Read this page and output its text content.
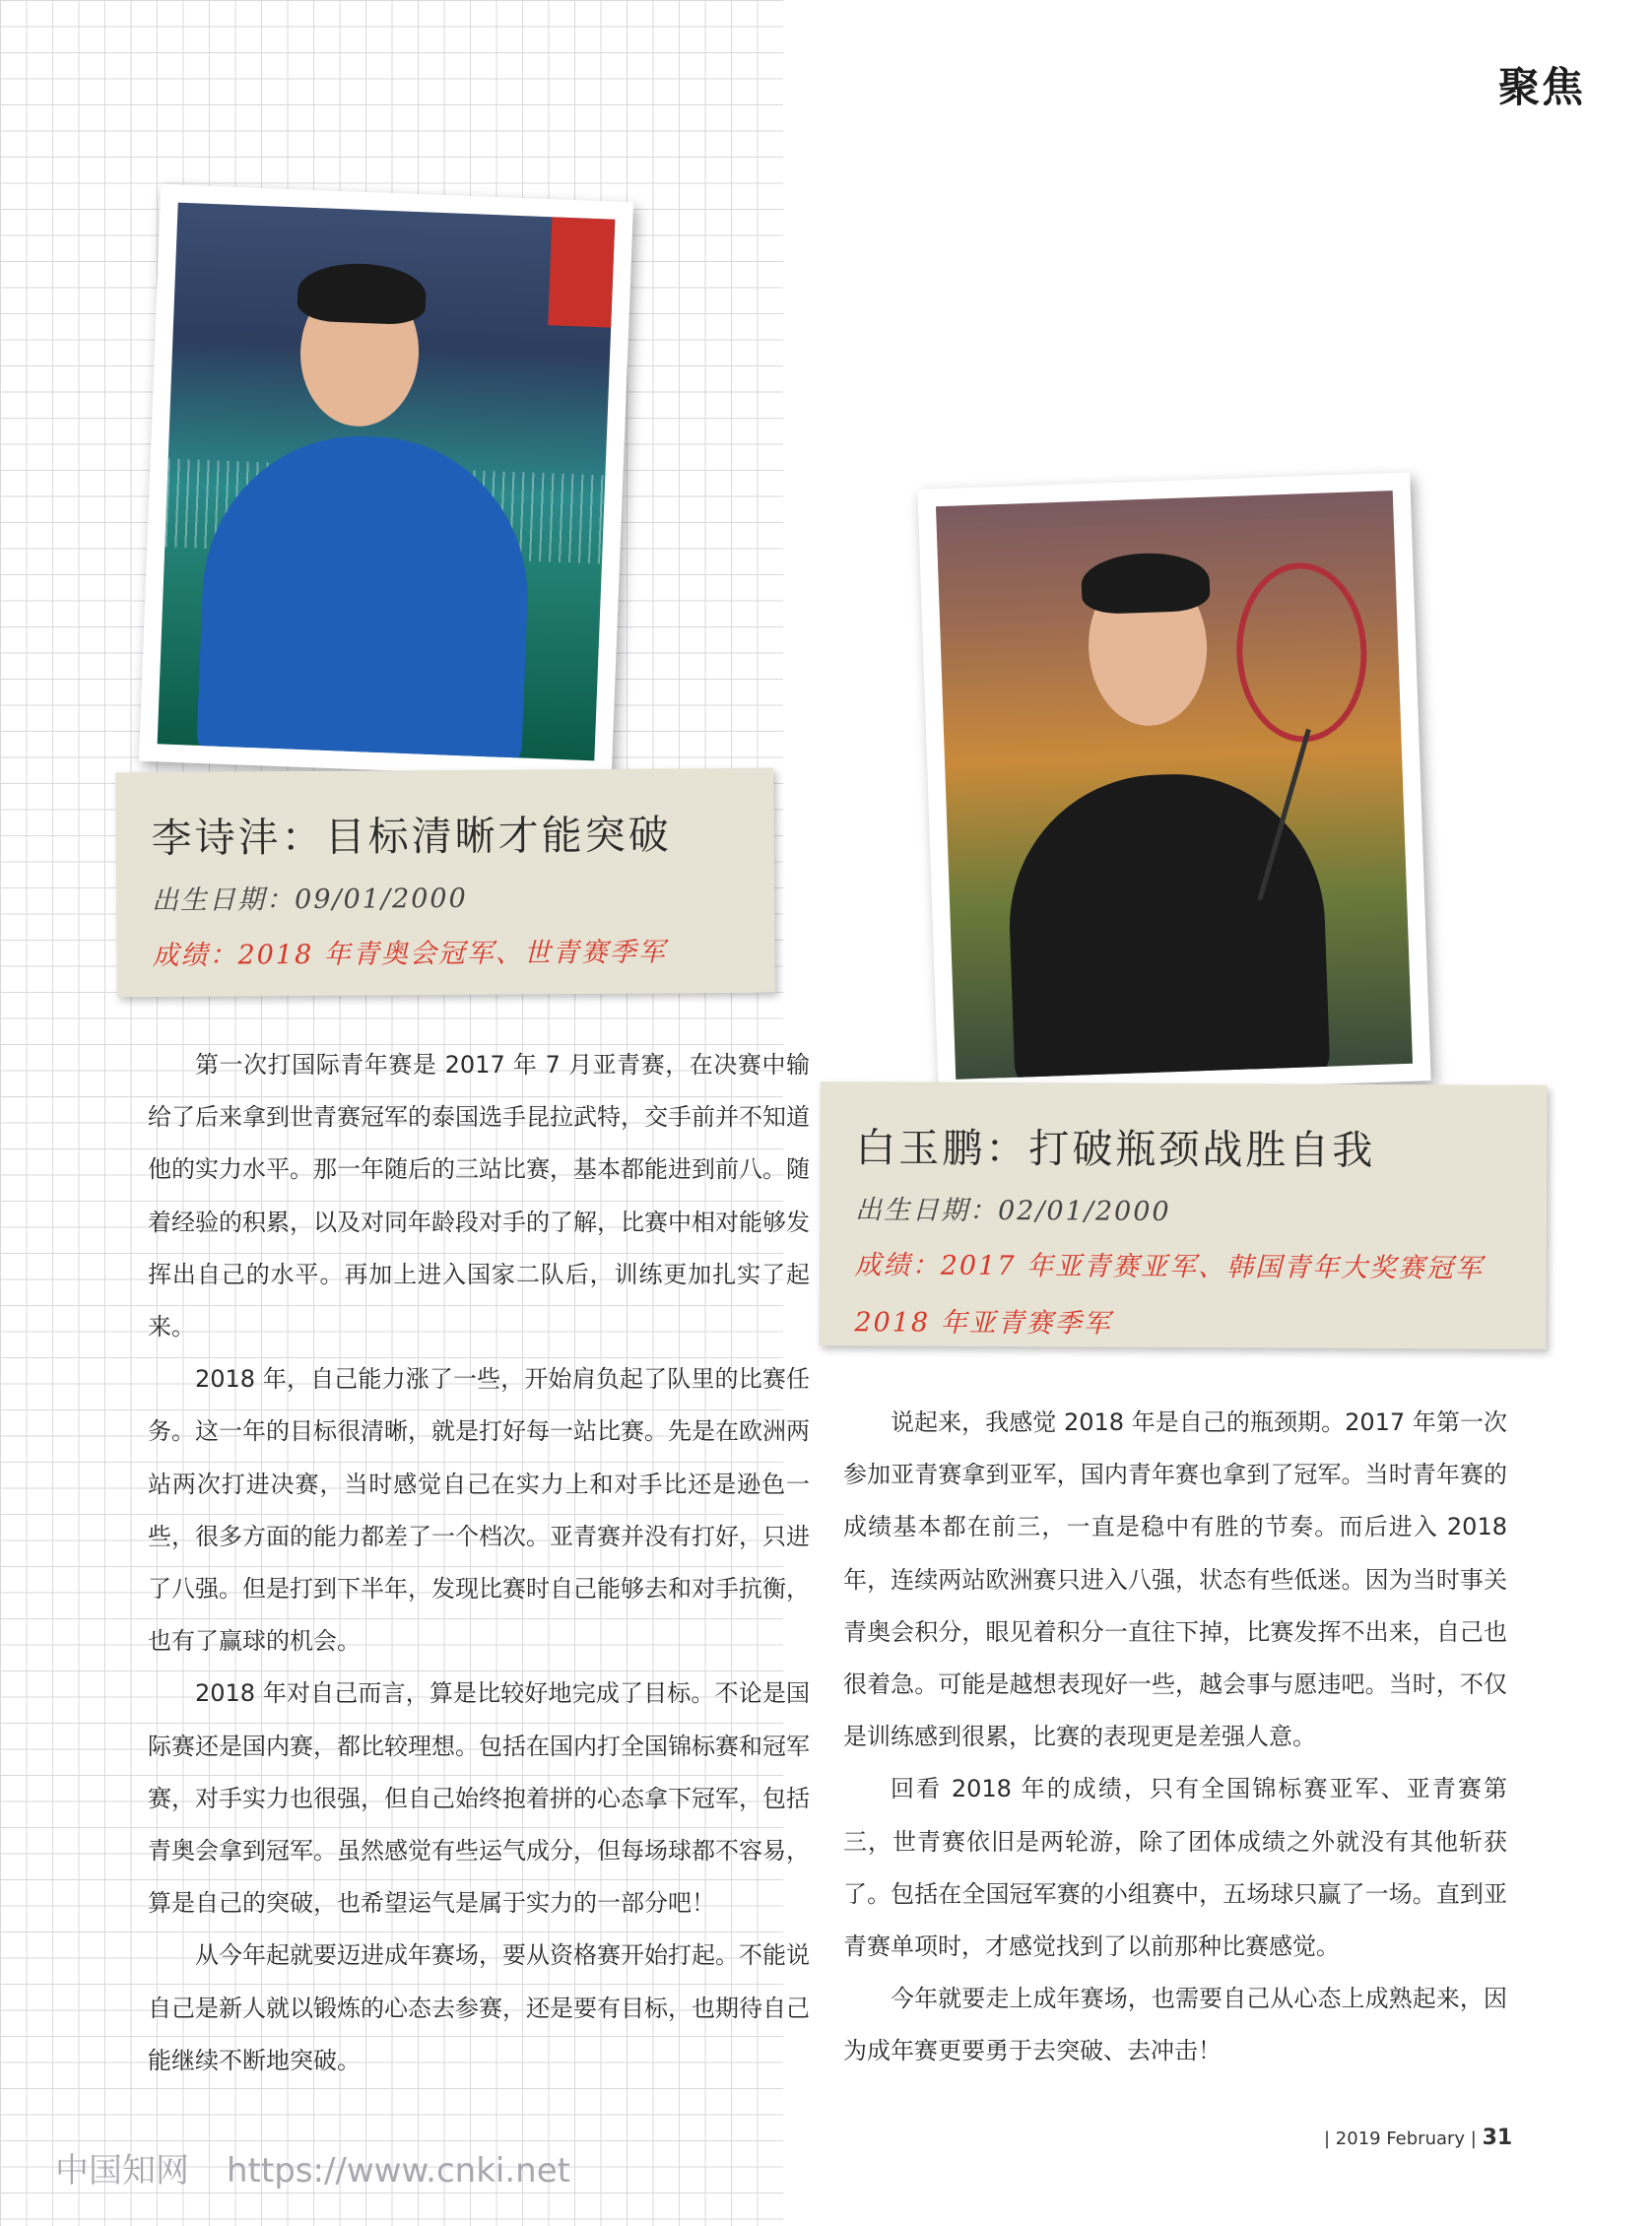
聚焦
李诗沣：目标清晰才能突破
出生日期：09/01/2000
成绩：2018 年青奥会冠军、世青赛季军
白玉鹏：打破瓶颈战胜自我
出生日期：02/01/2000
成绩：2017 年亚青赛亚军、韩国青年大奖赛冠军
2018 年亚青赛季军

第一次打国际青年赛是 2017 年 7 月亚青赛，在决赛中输给了后来拿到世青赛冠军的泰国选手昆拉武特，交手前并不知道他的实力水平。那一年随后的三站比赛，基本都能进到前八。随着经验的积累，以及对同年龄段对手的了解，比赛中相对能够发挥出自己的水平。再加上进入国家二队后，训练更加扎实了起来。

2018 年，自己能力涨了一些，开始肩负起了队里的比赛任务。这一年的目标很清晰，就是打好每一站比赛。先是在欧洲两站两次打进决赛，当时感觉自己在实力上和对手比还是逊色一些，很多方面的能力都差了一个档次。亚青赛并没有打好，只进了八强。但是打到下半年，发现比赛时自己能够去和对手抗衡，也有了赢球的机会。

2018 年对自己而言，算是比较好地完成了目标。不论是国际赛还是国内赛，都比较理想。包括在国内打全国锦标赛和冠军赛，对手实力也很强，但自己始终抱着拼的心态拿下冠军，包括青奥会拿到冠军。虽然感觉有些运气成分，但每场球都不容易，算是自己的突破，也希望运气是属于实力的一部分吧！

从今年起就要迈进成年赛场，要从资格赛开始打起。不能说自己是新人就以锻炼的心态去参赛，还是要有目标，也期待自己能继续不断地突破。

说起来，我感觉 2018 年是自己的瓶颈期。2017 年第一次参加亚青赛拿到亚军，国内青年赛也拿到了冠军。当时青年赛的成绩基本都在前三，一直是稳中有胜的节奏。而后进入 2018 年，连续两站欧洲赛只进入八强，状态有些低迷。因为当时事关青奥会积分，眼见着积分一直往下掉，比赛发挥不出来，自己也很着急。可能是越想表现好一些，越会事与愿违吧。当时，不仅是训练感到很累，比赛的表现更是差强人意。

回看 2018 年的成绩，只有全国锦标赛亚军、亚青赛第三，世青赛依旧是两轮游，除了团体成绩之外就没有其他斩获了。包括在全国冠军赛的小组赛中，五场球只赢了一场。直到亚青赛单项时，才感觉找到了以前那种比赛感觉。

今年就要走上成年赛场，也需要自己从心态上成熟起来，因为成年赛更要勇于去突破、去冲击！

| 2019 February | 31
中国知网 https://www.cnki.net
